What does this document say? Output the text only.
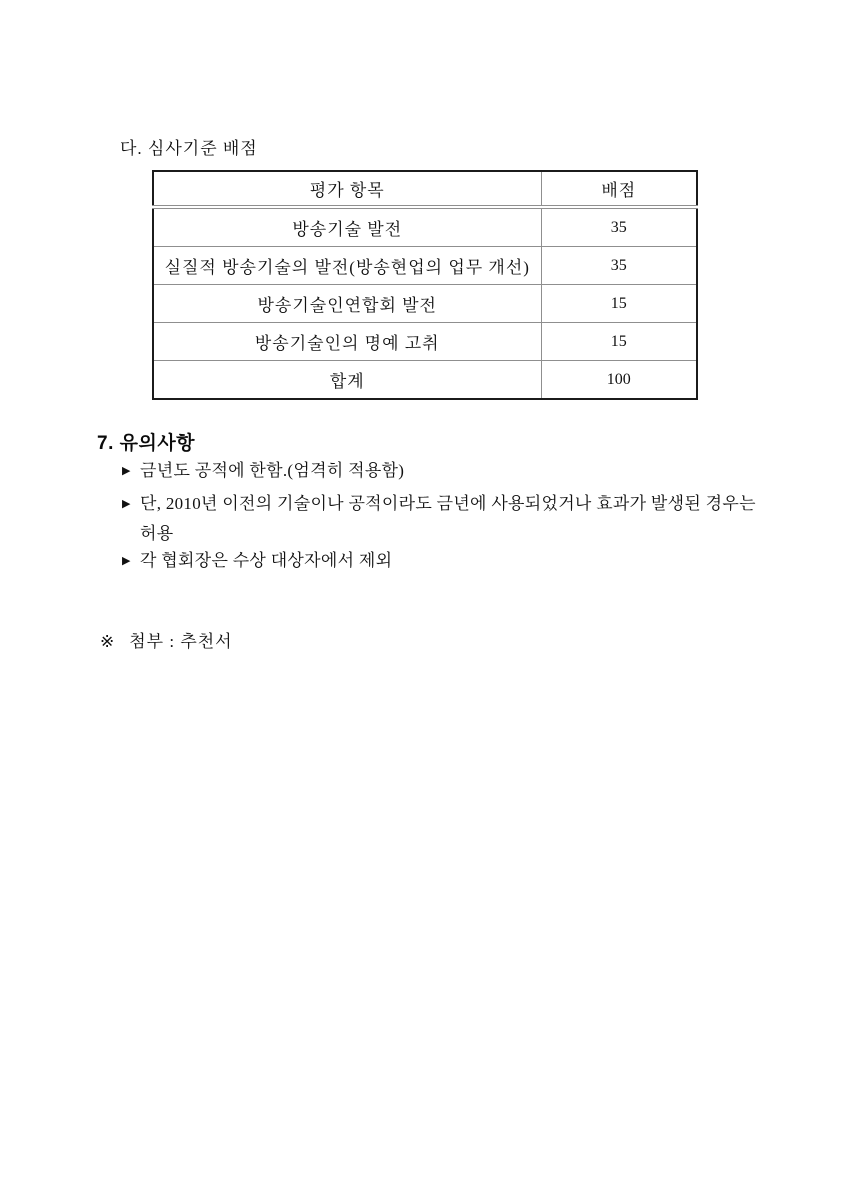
다. 심사기준 배점
평가 항목	배점
방송기술 발전	35
실질적 방송기술의 발전(방송현업의 업무 개선)	35
방송기술인연합회 발전	15
방송기술인의 명예 고취	15
합계	100
7. 유의사항
▶ 금년도 공적에 한함.(엄격히 적용함)
▶ 단, 2010년 이전의 기술이나 공적이라도 금년에 사용되었거나 효과가 발생된 경우는
허용
▶ 각 협회장은 수상 대상자에서 제외
※ 첨부 : 추천서
